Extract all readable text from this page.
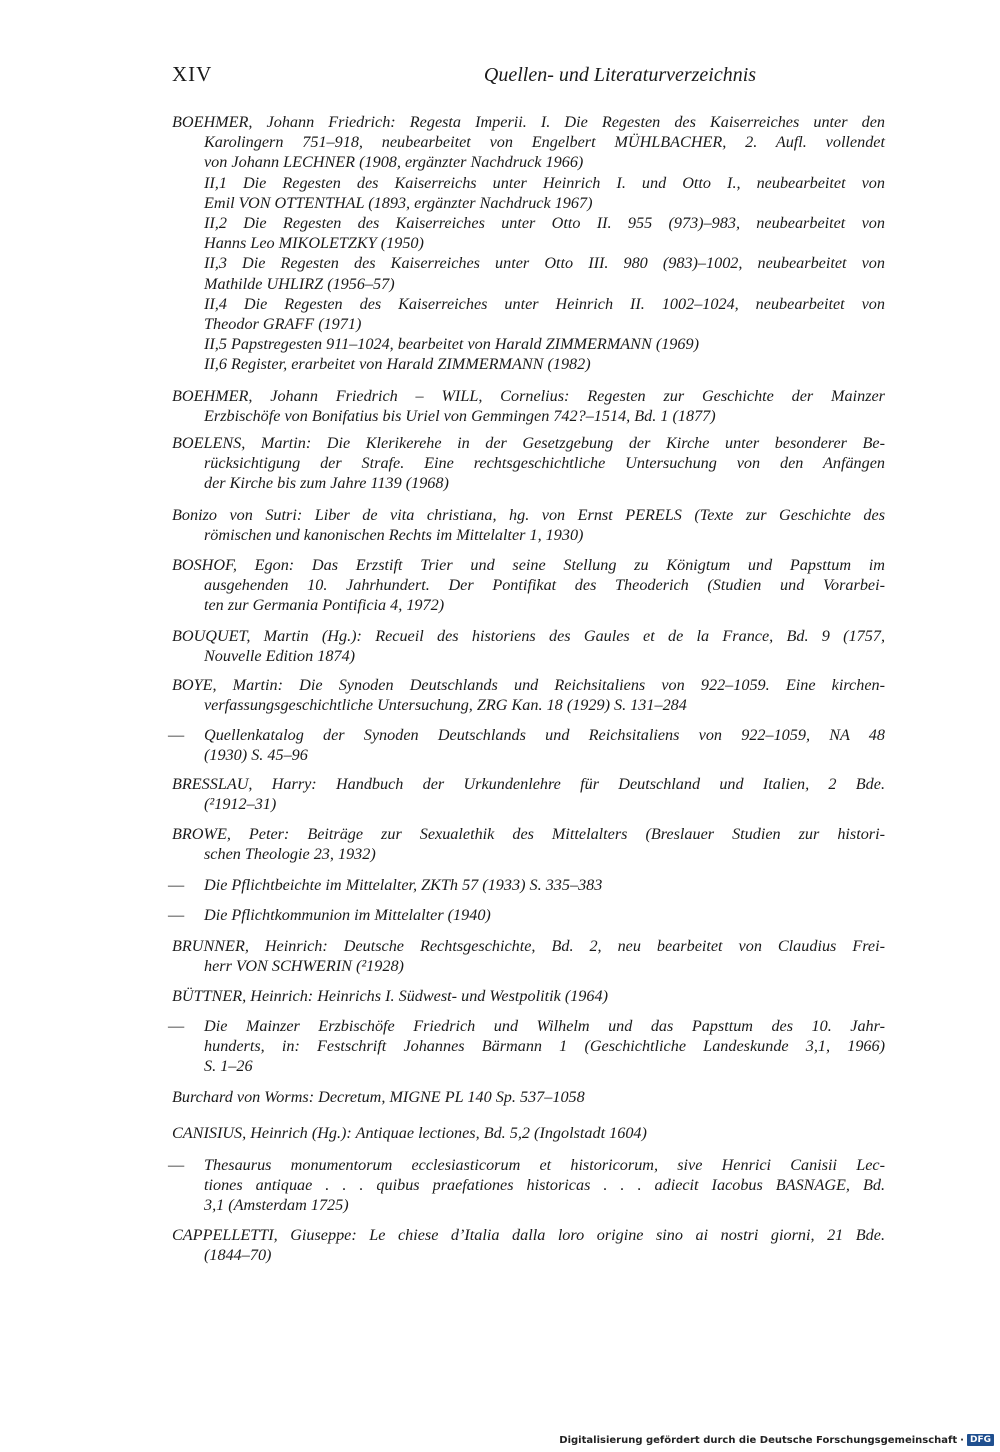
XIV	Quellen- und Literaturverzeichnis
BOEHMER, Johann Friedrich: Regesta Imperii. I. Die Regesten des Kaiserreiches unter den
Karolingern 751–918, neubearbeitet von Engelbert MÜHLBACHER, 2. Aufl. vollendet
von Johann LECHNER (1908, ergänzter Nachdruck 1966)
II,1 Die Regesten des Kaiserreichs unter Heinrich I. und Otto I., neubearbeitet von
Emil VON OTTENTHAL (1893, ergänzter Nachdruck 1967)
II,2 Die Regesten des Kaiserreiches unter Otto II. 955 (973)–983, neubearbeitet von
Hanns Leo MIKOLETZKY (1950)
II,3 Die Regesten des Kaiserreiches unter Otto III. 980 (983)–1002, neubearbeitet von
Mathilde UHLIRZ (1956–57)
II,4 Die Regesten des Kaiserreiches unter Heinrich II. 1002–1024, neubearbeitet von
Theodor GRAFF (1971)
II,5 Papstregesten 911–1024, bearbeitet von Harald ZIMMERMANN (1969)
II,6 Register, erarbeitet von Harald ZIMMERMANN (1982)
BOEHMER, Johann Friedrich – WILL, Cornelius: Regesten zur Geschichte der Mainzer
Erzbischöfe von Bonifatius bis Uriel von Gemmingen 742?–1514, Bd. 1 (1877)
BOELENS, Martin: Die Klerikerehe in der Gesetzgebung der Kirche unter besonderer Be-
rücksichtigung der Strafe. Eine rechtsgeschichtliche Untersuchung von den Anfängen
der Kirche bis zum Jahre 1139 (1968)
Bonizo von Sutri: Liber de vita christiana, hg. von Ernst PERELS (Texte zur Geschichte des
römischen und kanonischen Rechts im Mittelalter 1, 1930)
BOSHOF, Egon: Das Erzstift Trier und seine Stellung zu Königtum und Papsttum im
ausgehenden 10. Jahrhundert. Der Pontifikat des Theoderich (Studien und Vorarbei-
ten zur Germania Pontificia 4, 1972)
BOUQUET, Martin (Hg.): Recueil des historiens des Gaules et de la France, Bd. 9 (1757,
Nouvelle Edition 1874)
BOYE, Martin: Die Synoden Deutschlands und Reichsitaliens von 922–1059. Eine kirchen-
verfassungsgeschichtliche Untersuchung, ZRG Kan. 18 (1929) S. 131–284
—	Quellenkatalog der Synoden Deutschlands und Reichsitaliens von 922–1059, NA 48
(1930) S. 45–96
BRESSLAU, Harry: Handbuch der Urkundenlehre für Deutschland und Italien, 2 Bde.
(²1912–31)
BROWE, Peter: Beiträge zur Sexualethik des Mittelalters (Breslauer Studien zur histori-
schen Theologie 23, 1932)
—	Die Pflichtbeichte im Mittelalter, ZKTh 57 (1933) S. 335–383
—	Die Pflichtkommunion im Mittelalter (1940)
BRUNNER, Heinrich: Deutsche Rechtsgeschichte, Bd. 2, neu bearbeitet von Claudius Frei-
herr VON SCHWERIN (²1928)
BÜTTNER, Heinrich: Heinrichs I. Südwest- und Westpolitik (1964)
—	Die Mainzer Erzbischöfe Friedrich und Wilhelm und das Papsttum des 10. Jahr-
hunderts, in: Festschrift Johannes Bärmann 1 (Geschichtliche Landeskunde 3,1, 1966)
S. 1–26
Burchard von Worms: Decretum, MIGNE PL 140 Sp. 537–1058
CANISIUS, Heinrich (Hg.): Antiquae lectiones, Bd. 5,2 (Ingolstadt 1604)
—	Thesaurus monumentorum ecclesiasticorum et historicorum, sive Henrici Canisii Lec-
tiones antiquae . . . quibus praefationes historicas . . . adiecit Iacobus BASNAGE, Bd.
3,1 (Amsterdam 1725)
CAPPELLETTI, Giuseppe: Le chiese d’Italia dalla loro origine sino ai nostri giorni, 21 Bde.
(1844–70)
Digitalisierung gefördert durch die Deutsche Forschungsgemeinschaft · DFG
